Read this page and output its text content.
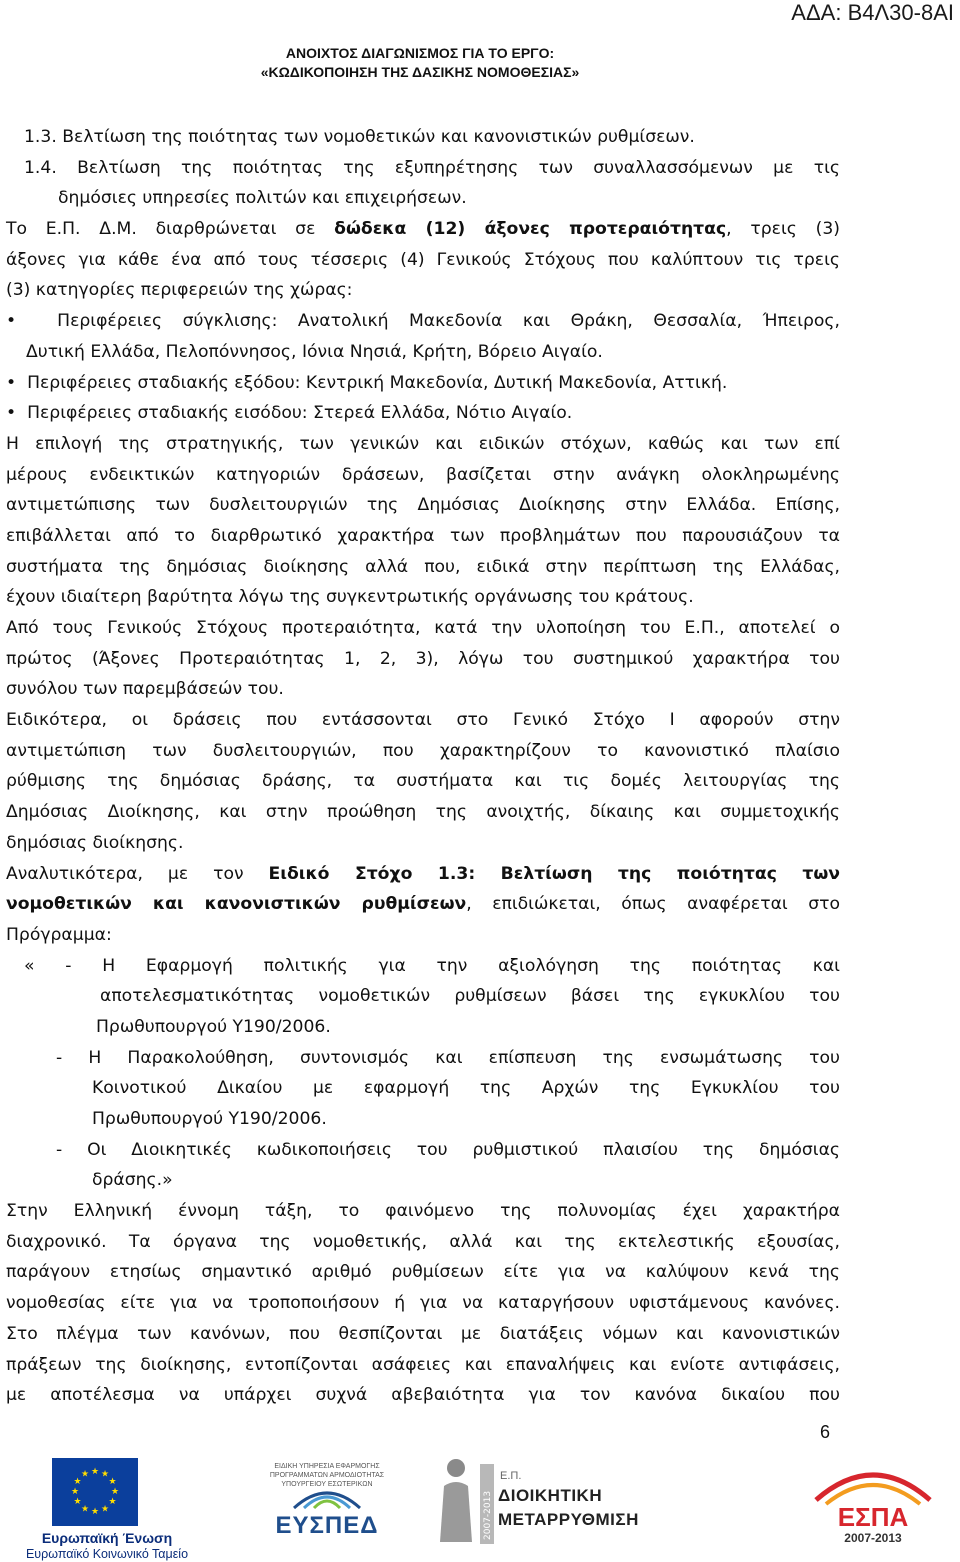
ΑΔΑ: Β4Λ30-8ΑΙ
ΑΝΟΙΧΤΟΣ ΔΙΑΓΩΝΙΣΜΟΣ ΓΙΑ ΤΟ ΕΡΓΟ:
«ΚΩΔΙΚΟΠΟΙΗΣΗ ΤΗΣ ΔΑΣΙΚΗΣ ΝΟΜΟΘΕΣΙΑΣ»
1.3. Βελτίωση της ποιότητας των νομοθετικών και κανονιστικών ρυθμίσεων.
1.4. Βελτίωση της ποιότητας της εξυπηρέτησης των συναλλασσόμενων με τις
δημόσιες υπηρεσίες πολιτών και επιχειρήσεων.
Το Ε.Π. Δ.Μ. διαρθρώνεται σε δώδεκα (12) άξονες προτεραιότητας, τρεις (3)
άξονες για κάθε ένα από τους τέσσερις (4) Γενικούς Στόχους που καλύπτουν τις τρεις
(3) κατηγορίες περιφερειών της χώρας:
•  Περιφέρειες σύγκλισης: Ανατολική Μακεδονία και Θράκη, Θεσσαλία, Ήπειρος,
Δυτική Ελλάδα, Πελοπόννησος, Ιόνια Νησιά, Κρήτη, Βόρειο Αιγαίο.
•  Περιφέρειες σταδιακής εξόδου: Κεντρική Μακεδονία, Δυτική Μακεδονία, Αττική.
•  Περιφέρειες σταδιακής εισόδου: Στερεά Ελλάδα, Νότιο Αιγαίο.
Η επιλογή της στρατηγικής, των γενικών και ειδικών στόχων, καθώς και των επί
μέρους ενδεικτικών κατηγοριών δράσεων, βασίζεται στην ανάγκη ολοκληρωμένης
αντιμετώπισης των δυσλειτουργιών της Δημόσιας Διοίκησης στην Ελλάδα. Επίσης,
επιβάλλεται από το διαρθρωτικό χαρακτήρα των προβλημάτων που παρουσιάζουν τα
συστήματα της δημόσιας διοίκησης αλλά που, ειδικά στην περίπτωση της Ελλάδας,
έχουν ιδιαίτερη βαρύτητα λόγω της συγκεντρωτικής οργάνωσης του κράτους.
Από τους Γενικούς Στόχους προτεραιότητα, κατά την υλοποίηση του Ε.Π., αποτελεί ο
πρώτος (Άξονες Προτεραιότητας 1, 2, 3), λόγω του συστημικού χαρακτήρα του
συνόλου των παρεμβάσεών του.
Ειδικότερα, οι δράσεις που εντάσσονται στο Γενικό Στόχο Ι αφορούν στην
αντιμετώπιση των δυσλειτουργιών, που χαρακτηρίζουν το κανονιστικό πλαίσιο
ρύθμισης της δημόσιας δράσης, τα συστήματα και τις δομές λειτουργίας της
Δημόσιας Διοίκησης, και στην προώθηση της ανοιχτής, δίκαιης και συμμετοχικής
δημόσιας διοίκησης.
Αναλυτικότερα, με τον Ειδικό Στόχο 1.3: Βελτίωση της ποιότητας των
νομοθετικών και κανονιστικών ρυθμίσεων, επιδιώκεται, όπως αναφέρεται στο
Πρόγραμμα:
« - Η Εφαρμογή πολιτικής για την αξιολόγηση της ποιότητας και
αποτελεσματικότητας νομοθετικών ρυθμίσεων βάσει της εγκυκλίου του
Πρωθυπουργού Υ190/2006.
- Η Παρακολούθηση, συντονισμός και επίσπευση της ενσωμάτωσης του
Κοινοτικού Δικαίου με εφαρμογή της Αρχών της Εγκυκλίου του
Πρωθυπουργού Υ190/2006.
- Οι Διοικητικές κωδικοποιήσεις του ρυθμιστικού πλαισίου της δημόσιας
δράσης.»
Στην Ελληνική έννομη τάξη, το φαινόμενο της πολυνομίας έχει χαρακτήρα
διαχρονικό. Τα όργανα της νομοθετικής, αλλά και της εκτελεστικής εξουσίας,
παράγουν ετησίως σημαντικό αριθμό ρυθμίσεων είτε για να καλύψουν κενά της
νομοθεσίας είτε για να τροποποιήσουν ή για να καταργήσουν υφιστάμενους κανόνες.
Στο πλέγμα των κανόνων, που θεσπίζονται με διατάξεις νόμων και κανονιστικών
πράξεων της διοίκησης, εντοπίζονται ασάφειες και επαναλήψεις και ενίοτε αντιφάσεις,
με αποτέλεσμα να υπάρχει συχνά αβεβαιότητα για τον κανόνα δικαίου που
6
★ ★
★
★
★
★
★
★
★
★
★
★
Ευρωπαϊκή Ένωση
Ευρωπαϊκό Κοινωνικό Ταμείο
ΕΙΔΙΚΗ ΥΠΗΡΕΣΙΑ ΕΦΑΡΜΟΓΗΣ ΠΡΟΓΡΑΜΜΑΤΩΝ ΑΡΜΟΔΙΟΤΗΤΑΣ ΥΠΟΥΡΓΕΙΟΥ ΕΣΩΤΕΡΙΚΩΝ
ΕΥΣΠΕΔ	2007-2013
Ε.Π.
ΔΙΟΙΚΗΤΙΚΗ
ΜΕΤΑΡΡΥΘΜΙΣΗ	ΕΣΠΑ
2007-2013
